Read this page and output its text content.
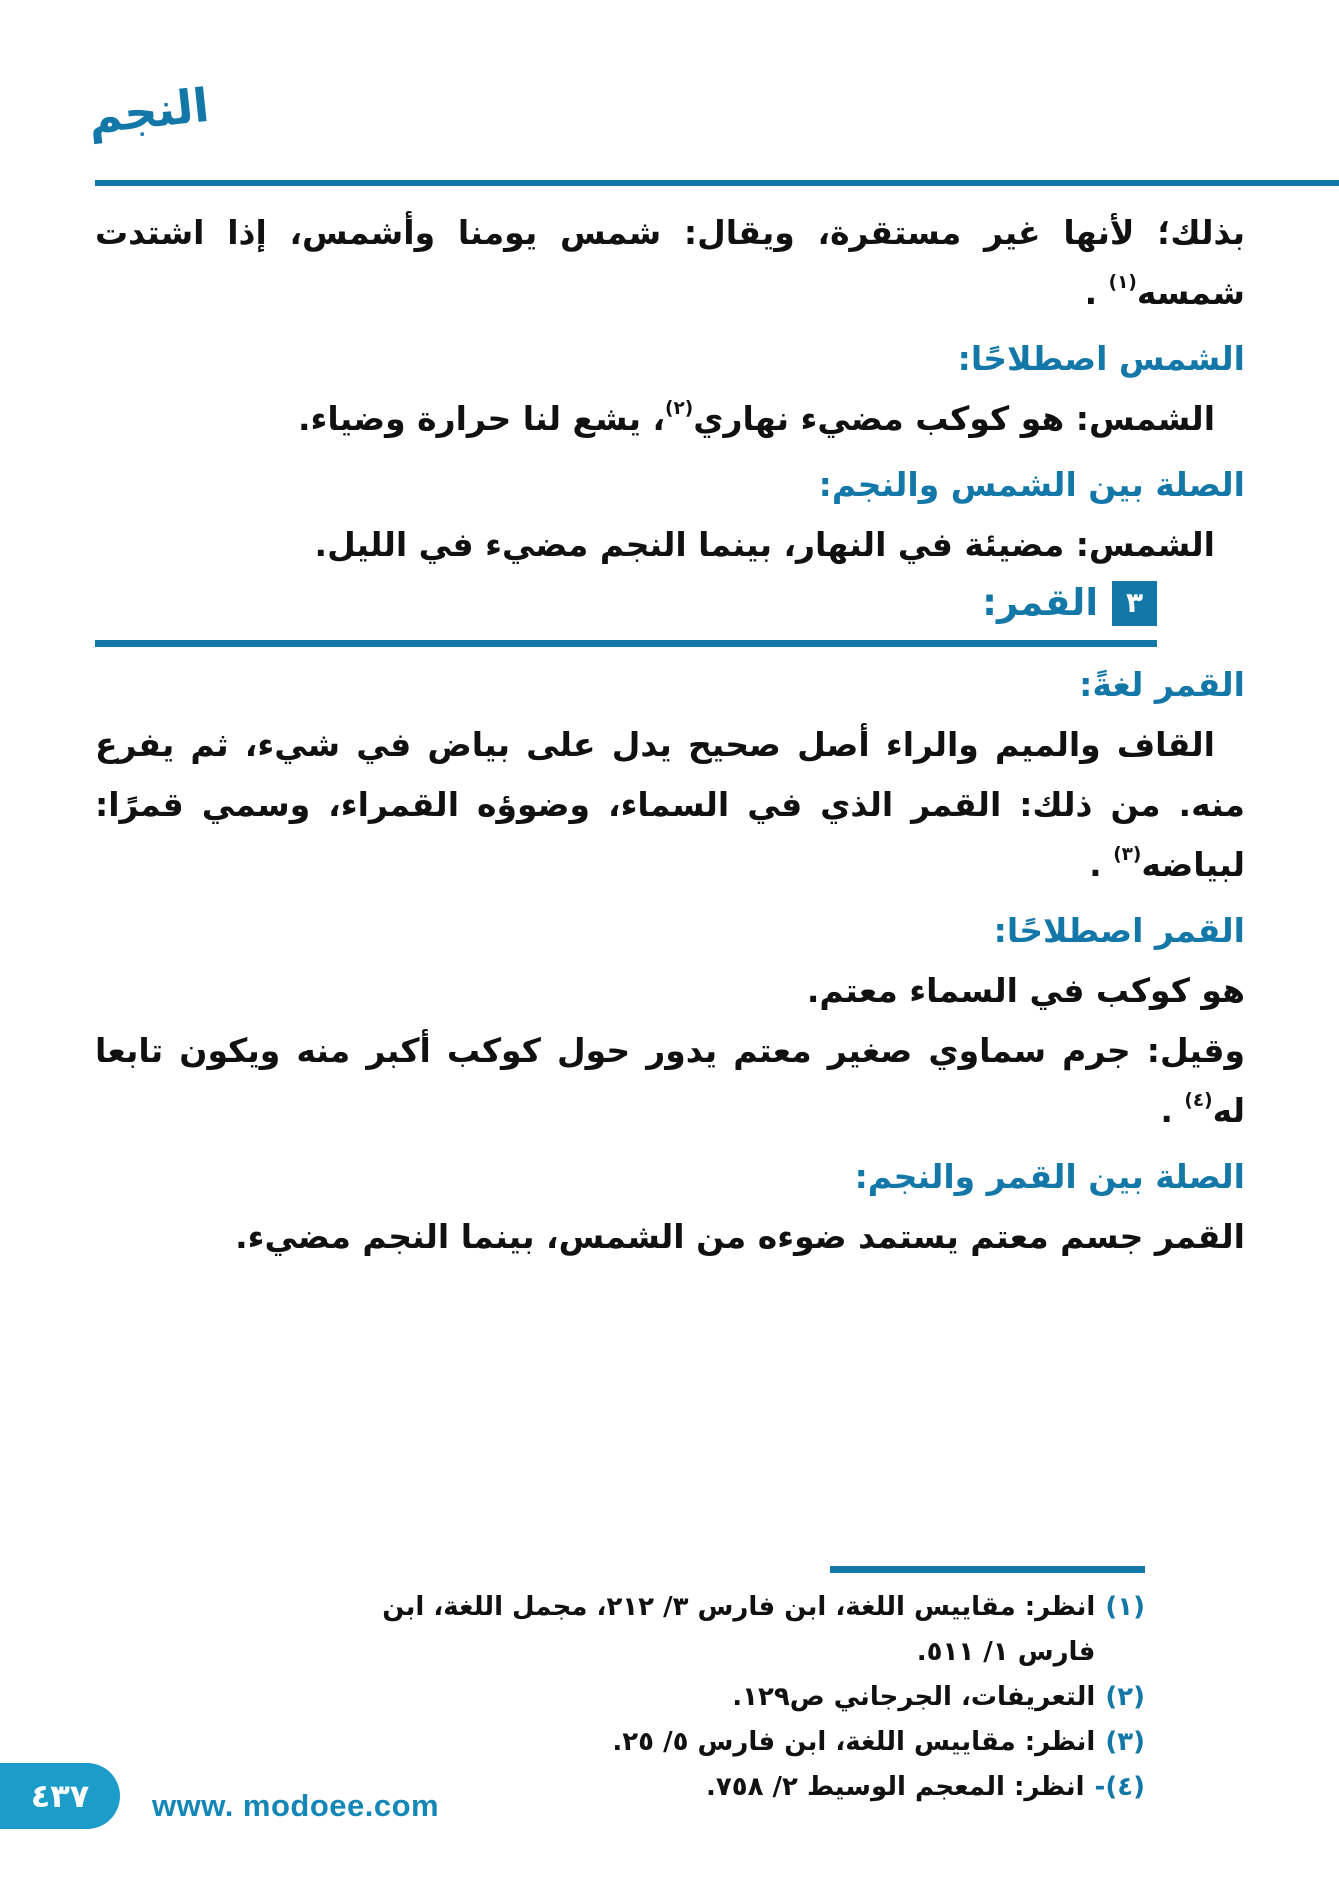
النجم

بذلك؛ لأنها غير مستقرة، ويقال: شمس يومنا وأشمس، إذا اشتدت شمسه$^{(١)}$ .

الشمس اصطلاحًا:

الشمس: هو كوكب مضيء نهاري$^{(٢)}$، يشع لنا حرارة وضياء.

الصلة بين الشمس والنجم:

الشمس: مضيئة في النهار، بينما النجم مضيء في الليل.

٣
القمر:
القمر لغةً:

القاف والميم والراء أصل صحيح يدل على بياض في شيء، ثم يفرع منه. من ذلك: القمر الذي في السماء، وضوؤه القمراء، وسمي قمرًا: لبياضه$^{(٣)}$ .

القمر اصطلاحًا:

هو كوكب في السماء معتم.

وقيل: جرم سماوي صغير معتم يدور حول كوكب أكبر منه ويكون تابعا له$^{(٤)}$ .

الصلة بين القمر والنجم:

القمر جسم معتم يستمد ضوءه من الشمس، بينما النجم مضيء.

(١)
انظر: مقاييس اللغة، ابن فارس ٣/ ٢١٢، مجمل اللغة، ابن فارس ١/ ٥١١.
(٢)
التعريفات، الجرجاني ص١٢٩.
(٣)
انظر: مقاييس اللغة، ابن فارس ٥/ ٢٥.
(٤)-
انظر: المعجم الوسيط ٢/ ٧٥٨.
٤٣٧ www. modoee.com
